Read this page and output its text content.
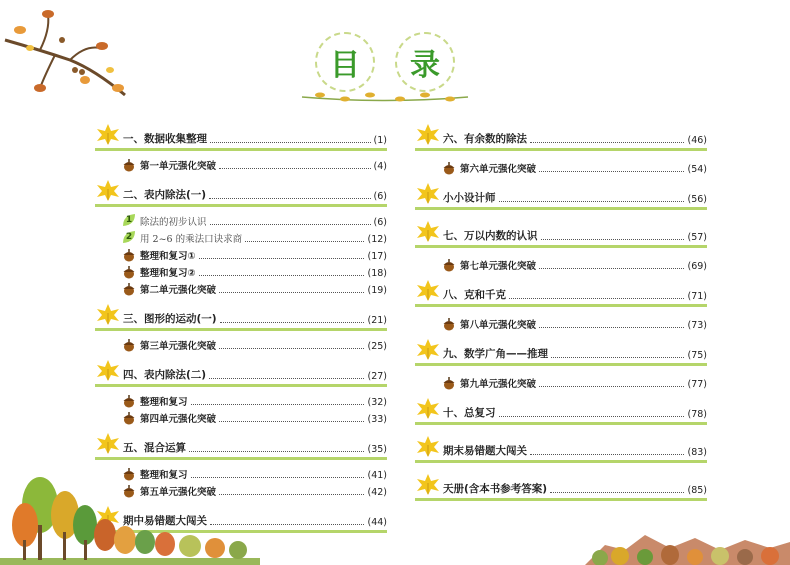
目 录
一、数据收集整理	(1)
第一单元强化突破	(4)
二、表内除法(一)	(6)
1 除法的初步认识	(6)
2 用 2~6 的乘法口诀求商	(12)
整理和复习①	(17)
整理和复习②	(18)
第二单元强化突破	(19)
三、图形的运动(一)	(21)
第三单元强化突破	(25)
四、表内除法(二)	(27)
整理和复习	(32)
第四单元强化突破	(33)
五、混合运算	(35)
整理和复习	(41)
第五单元强化突破	(42)
期中易错题大闯关	(44)
六、有余数的除法	(46)
第六单元强化突破	(54)
小小设计师	(56)
七、万以内数的认识	(57)
第七单元强化突破	(69)
八、克和千克	(71)
第八单元强化突破	(73)
九、数学广角——推理	(75)
第九单元强化突破	(77)
十、总复习	(78)
期末易错题大闯关	(83)
天册(含本书参考答案)	(85)
